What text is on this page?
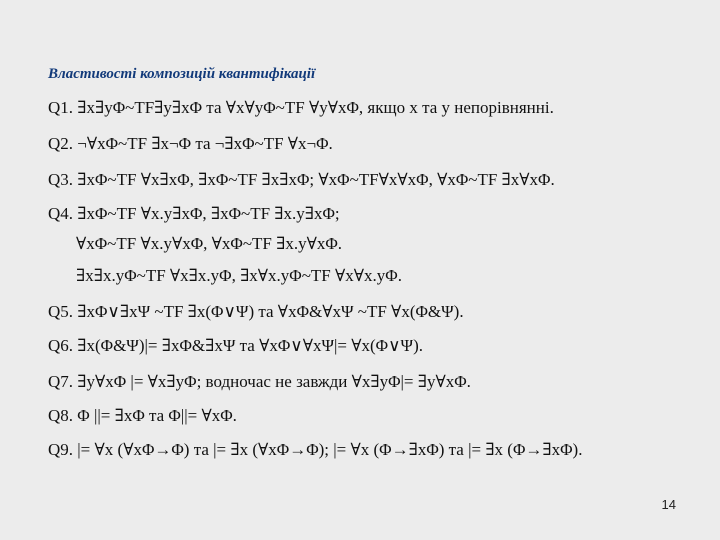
Властивості композицій квантифікації
Q1. ∃x∃yΦ~TF∃y∃xΦ та ∀x∀yΦ~TF ∀y∀xΦ, якщо x та y непорівнянні.
Q2. ¬∀xΦ~TF ∃x¬Φ та ¬∃xΦ~TF ∀x¬Φ.
Q3. ∃xΦ~TF ∀x∃xΦ, ∃xΦ~TF ∃x∃xΦ; ∀xΦ~TF∀x∀xΦ, ∀xΦ~TF ∃x∀xΦ.
Q4. ∃xΦ~TF ∀x.y∃xΦ, ∃xΦ~TF ∃x.y∃xΦ;
∀xΦ~TF ∀x.y∀xΦ, ∀xΦ~TF ∃x.y∀xΦ.
∃x∃x.yΦ~TF ∀x∃x.yΦ, ∃x∀x.yΦ~TF ∀x∀x.yΦ.
Q5. ∃xΦ∨∃xΨ ~TF ∃x(Φ∨Ψ) та ∀xΦ&∀xΨ ~TF ∀x(Φ&Ψ).
Q6. ∃x(Φ&Ψ)|= ∃xΦ&∃xΨ та ∀xΦ∨∀xΨ|= ∀x(Φ∨Ψ).
Q7. ∃y∀xΦ |= ∀x∃yΦ; водночас не завжди ∀x∃yΦ|= ∃y∀xΦ.
Q8. Φ ||= ∃xΦ та Φ||= ∀xΦ.
Q9. |= ∀x (∀xΦ→Φ) та |= ∃x (∀xΦ→Φ); |= ∀x (Φ→∃xΦ) та |= ∃x (Φ→∃xΦ).
14
